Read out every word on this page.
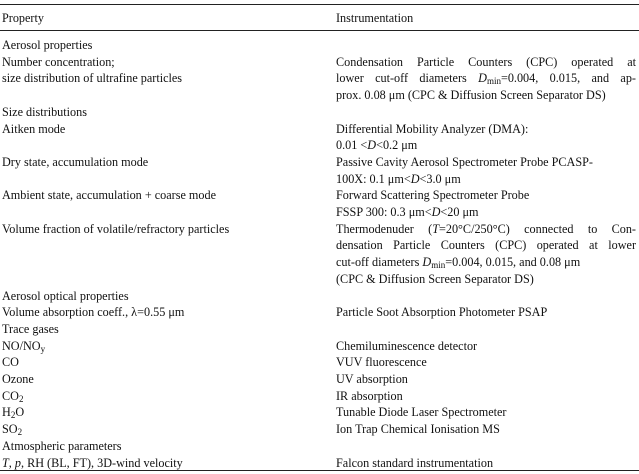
Property	Instrumentation
Aerosol properties
Number concentration;	Condensation Particle Counters (CPC) operated at
size distribution of ultrafine particles	lower cut-off diameters $D_{min}=0.004$, 0.015, and ap-
prox. 0.08 μm (CPC & Diffusion Screen Separator DS)
Size distributions
Aitken mode	Differential Mobility Analyzer (DMA):
0.01 <D<0.2 μm
Dry state, accumulation mode	Passive Cavity Aerosol Spectrometer Probe PCASP-
100X: 0.1 μm<D<3.0 μm
Ambient state, accumulation + coarse mode	Forward Scattering Spectrometer Probe
FSSP 300: 0.3 μm<D<20 μm
Volume fraction of volatile/refractory particles	Thermodenuder (T=20°C/250°C) connected to Con-
densation Particle Counters (CPC) operated at lower
cut-off diameters $D_{min}=0.004$, 0.015, and 0.08 μm
(CPC & Diffusion Screen Separator DS)
Aerosol optical properties
Volume absorption coeff., λ=0.55 μm	Particle Soot Absorption Photometer PSAP
Trace gases
$NO/NO_y$	Chemiluminescence detector
CO	VUV fluorescence
Ozone	UV absorption
$CO_2$	IR absorption
$H_2O$	Tunable Diode Laser Spectrometer
$SO_2$	Ion Trap Chemical Ionisation MS
Atmospheric parameters
T, p, RH (BL, FT), 3D-wind velocity	Falcon standard instrumentation
